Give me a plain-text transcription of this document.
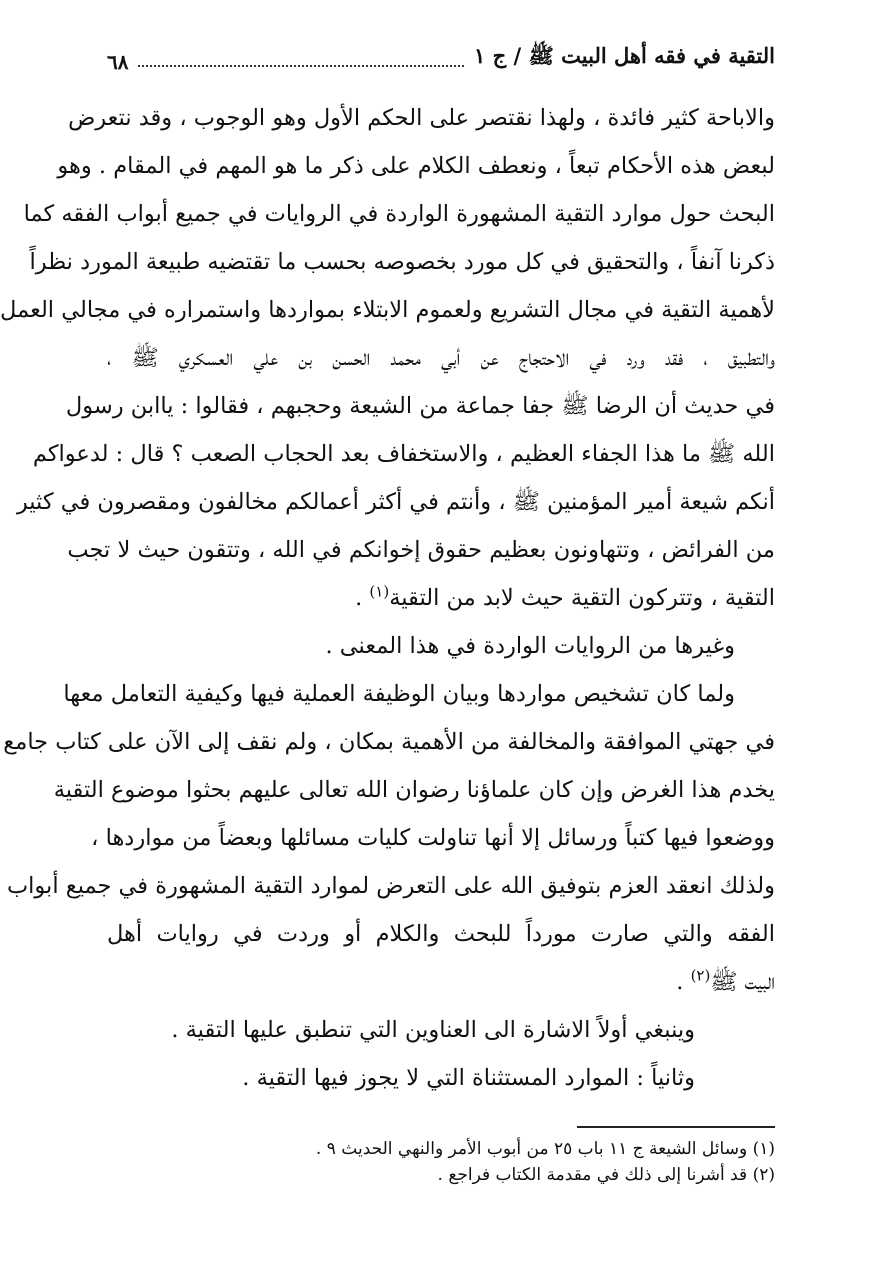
التقية في فقه أهل البيت ﷺ / ج ١
٦٨
والاباحة كثير فائدة ، ولهذا نقتصر على الحكم الأول وهو الوجوب ، وقد نتعرض
لبعض هذه الأحكام تبعاً ، ونعطف الكلام على ذكر ما هو المهم في المقام . وهو
البحث حول موارد التقية المشهورة الواردة في الروايات في جميع أبواب الفقه كما
ذكرنا آنفاً ، والتحقيق في كل مورد بخصوصه بحسب ما تقتضيه طبيعة المورد نظراً
لأهمية التقية في مجال التشريع ولعموم الابتلاء بمواردها واستمراره في مجالي العمل
والتطبيق ، فقد ورد في الاحتجاج عن أبي محمد الحسن بن علي العسكري ﷺ ،
في حديث أن الرضا ﷺ جفا جماعة من الشيعة وحجبهم ، فقالوا : ياابن رسول
الله ﷺ ما هذا الجفاء العظيم ، والاستخفاف بعد الحجاب الصعب ؟ قال : لدعواكم
أنكم شيعة أمير المؤمنين ﷺ ، وأنتم في أكثر أعمالكم مخالفون ومقصرون في كثير
من الفرائض ، وتتهاونون بعظيم حقوق إخوانكم في الله ، وتتقون حيث لا تجب
التقية ، وتتركون التقية حيث لابد من التقية$^{(١)}$ .
وغيرها من الروايات الواردة في هذا المعنى .
ولما كان تشخيص مواردها وبيان الوظيفة العملية فيها وكيفية التعامل معها
في جهتي الموافقة والمخالفة من الأهمية بمكان ، ولم نقف إلى الآن على كتاب جامع
يخدم هذا الغرض وإن كان علماؤنا رضوان الله تعالى عليهم بحثوا موضوع التقية
ووضعوا فيها كتباً ورسائل إلا أنها تناولت كليات مسائلها وبعضاً من مواردها ،
ولذلك انعقد العزم بتوفيق الله على التعرض لموارد التقية المشهورة في جميع أبواب
الفقه والتي صارت مورداً للبحث والكلام أو وردت في روايات أهل
البيت ﷺ$^{(٢)}$ .
وينبغي أولاً الاشارة الى العناوين التي تنطبق عليها التقية .
وثانياً : الموارد المستثناة التي لا يجوز فيها التقية .
(١) وسائل الشيعة ج ١١ باب ٢٥ من أبوب الأمر والنهي الحديث ٩ .
(٢) قد أشرنا إلى ذلك في مقدمة الكتاب فراجع .
